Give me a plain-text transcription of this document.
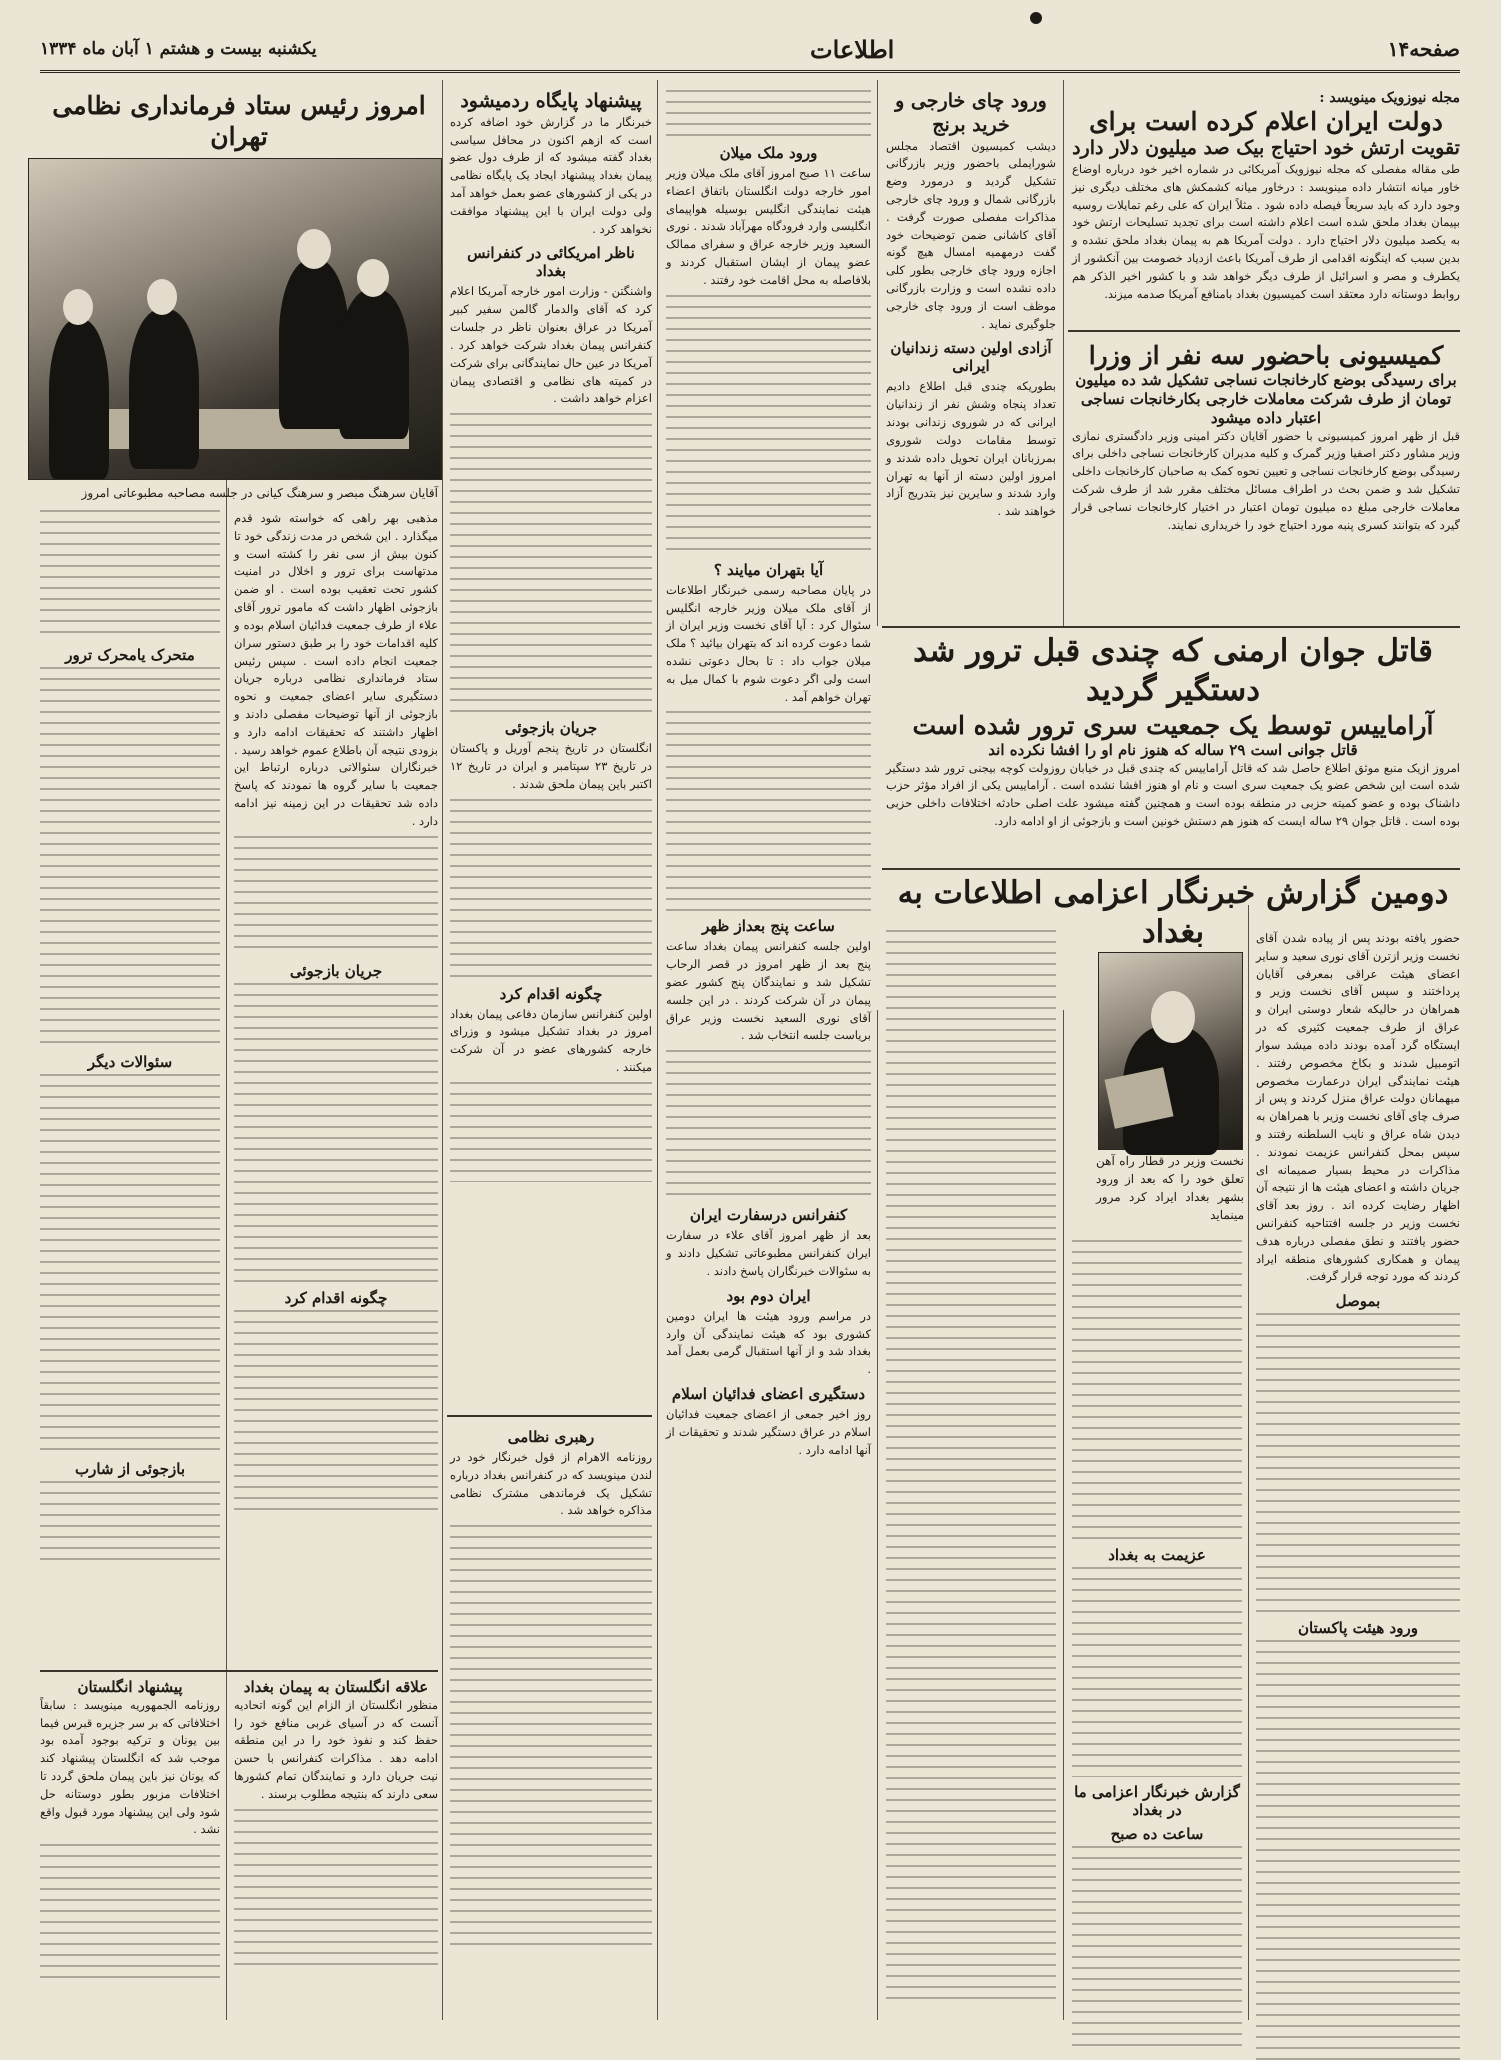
صفحه۱۴
اطلاعات
یکشنبه بیست و هشتم ۱ آبان ماه ۱۳۳۴
مجله نیوزویک مینویسد :
دولت ایران اعلام کرده است برای
تقویت ارتش خود احتیاج بیک صد میلیون دلار دارد

طی مقاله مفصلی که مجله نیوزویک آمریکائی در شماره اخیر خود درباره اوضاع خاور میانه انتشار داده مینویسد : درخاور میانه کشمکش های مختلف دیگری نیز وجود دارد که باید سریعاً فیصله داده شود . مثلاً ایران که علی رغم تمایلات روسیه بپیمان بغداد ملحق شده است اعلام داشته است برای تجدید تسلیحات ارتش خود به یکصد میلیون دلار احتیاج دارد . دولت آمریکا هم به پیمان بغداد ملحق نشده و بدین سبب که اینگونه اقدامی از طرف آمریکا باعث ازدیاد خصومت بین آنکشور از یکطرف و مصر و اسرائیل از طرف دیگر خواهد شد و با کشور اخیر الذکر هم روابط دوستانه دارد معتقد است کمیسیون بغداد بامنافع آمریکا صدمه میزند.

کمیسیونی باحضور سه نفر از وزرا
برای رسیدگی بوضع کارخانجات نساجی تشکیل شد ده میلیون تومان از طرف شرکت معاملات خارجی بکارخانجات نساجی اعتبار داده میشود

قبل از ظهر امروز کمیسیونی با حضور آقایان دکتر امینی وزیر دادگستری نمازی وزیر مشاور دکتر اصفیا وزیر گمرک و کلیه مدیران کارخانجات نساجی داخلی برای رسیدگی بوضع کارخانجات نساجی و تعیین نحوه کمک به صاحبان کارخانجات داخلی تشکیل شد و ضمن بحث در اطراف مسائل مختلف مقرر شد از طرف شرکت معاملات خارجی مبلغ ده میلیون تومان اعتبار در اختیار کارخانجات نساجی قرار گیرد که بتوانند کسری پنبه مورد احتیاج خود را خریداری نمایند.

ورود چای خارجی و خرید برنج

دیشب کمیسیون اقتصاد مجلس شورایملی باحضور وزیر بازرگانی تشکیل گردید و درمورد وضع بازرگانی شمال و ورود چای خارجی مذاکرات مفصلی صورت گرفت . آقای کاشانی ضمن توضیحات خود گفت درمهمیه امسال هیچ گونه اجازه ورود چای خارجی بطور کلی داده نشده است و وزارت بازرگانی موظف است از ورود چای خارجی جلوگیری نماید .

آزادی اولین دسته زندانیان ایرانی

بطوریکه چندی قبل اطلاع دادیم تعداد پنجاه وشش نفر از زندانیان ایرانی که در شوروی زندانی بودند توسط مقامات دولت شوروی بمرزبانان ایران تحویل داده شدند و امروز اولین دسته از آنها به تهران وارد شدند و سایرین نیز بتدریج آزاد خواهند شد .

قاتل جوان ارمنی که چندی قبل ترور شد دستگیر گردید
آراماییس توسط یک جمعیت سری ترور شده است
قاتل جوانی است ۲۹ ساله که هنوز نام او را افشا نکرده اند

امروز ازیک منبع موثق اطلاع حاصل شد که قاتل آراماییس که چندی قبل در خیابان روزولت کوچه بیجنی ترور شد دستگیر شده است این شخص عضو یک جمعیت سری است و نام او هنوز افشا نشده است . آراماییس یکی از افراد مؤثر حزب داشناک بوده و عضو کمیته حزبی در منطقه بوده است و همچنین گفته میشود علت اصلی حادثه اختلافات داخلی حزبی بوده است . قاتل جوان ۲۹ ساله ایست که هنوز هم دستش خونین است و بازجوئی از او ادامه دارد.

دومین گزارش خبرنگار اعزامی اطلاعات به بغداد
نخست وزیر در قطار راه آهن تعلق خود را که بعد از ورود بشهر بغداد ایراد کرد مرور مینماید

حضور یافته بودند پس از پیاده شدن آقای نخست وزیر ازترن آقای نوری سعید و سایر اعضای هیئت عراقی بمعرفی آقایان پرداختند و سپس آقای نخست وزیر و همراهان در حالیکه شعار دوستی ایران و عراق از طرف جمعیت کثیری که در ایستگاه گرد آمده بودند داده میشد سوار اتومبیل شدند و بکاخ مخصوص رفتند . هیئت نمایندگی ایران درعمارت مخصوص میهمانان دولت عراق منزل کردند و پس از صرف چای آقای نخست وزیر با همراهان به دیدن شاه عراق و نایب السلطنه رفتند و سپس بمحل کنفرانس عزیمت نمودند . مذاکرات در محیط بسیار صمیمانه ای جریان داشته و اعضای هیئت ها از نتیجه آن اظهار رضایت کرده اند . روز بعد آقای نخست وزیر در جلسه افتتاحیه کنفرانس حضور یافتند و نطق مفصلی درباره هدف پیمان و همکاری کشورهای منطقه ایراد کردند که مورد توجه قرار گرفت.

بموصل
ورود هیئت پاکستان
عزیمت به بغداد
گزارش خبرنگار اعزامی ما در بغداد
ساعت ده صبح
ورود ملک میلان

ساعت ۱۱ صبح امروز آقای ملک میلان وزیر امور خارجه دولت انگلستان باتفاق اعضاء هیئت نمایندگی انگلیس بوسیله هواپیمای انگلیسی وارد فرودگاه مهرآباد شدند . نوری السعید وزیر خارجه عراق و سفرای ممالک عضو پیمان از ایشان استقبال کردند و بلافاصله به محل اقامت خود رفتند .

آیا بتهران میایند ؟

در پایان مصاحبه رسمی خبرنگار اطلاعات از آقای ملک میلان وزیر خارجه انگلیس سئوال کرد : آیا آقای نخست وزیر ایران از شما دعوت کرده اند که بتهران بیائید ؟ ملک میلان جواب داد : تا بحال دعوتی نشده است ولی اگر دعوت شوم با کمال میل به تهران خواهم آمد .

ساعت پنج بعداز ظهر

اولین جلسه کنفرانس پیمان بغداد ساعت پنج بعد از ظهر امروز در قصر الرحاب تشکیل شد و نمایندگان پنج کشور عضو پیمان در آن شرکت کردند . در این جلسه آقای نوری السعید نخست وزیر عراق بریاست جلسه انتخاب شد .

کنفرانس درسفارت ایران

بعد از ظهر امروز آقای علاء در سفارت ایران کنفرانس مطبوعاتی تشکیل دادند و به سئوالات خبرنگاران پاسخ دادند .

ایران دوم بود

در مراسم ورود هیئت ها ایران دومین کشوری بود که هیئت نمایندگی آن وارد بغداد شد و از آنها استقبال گرمی بعمل آمد .

دستگیری اعضای فدائیان اسلام

روز اخیر جمعی از اعضای جمعیت فدائیان اسلام در عراق دستگیر شدند و تحقیقات از آنها ادامه دارد .

پیشنهاد پایگاه ردمیشود

خبرنگار ما در گزارش خود اضافه کرده است که ازهم اکنون در محافل سیاسی بغداد گفته میشود که از طرف دول عضو پیمان بغداد پیشنهاد ایجاد یک پایگاه نظامی در یکی از کشورهای عضو بعمل خواهد آمد ولی دولت ایران با این پیشنهاد موافقت نخواهد کرد .

ناظر امریکائی در کنفرانس بغداد

واشنگتن - وزارت امور خارجه آمریکا اعلام کرد که آقای والدمار گالمن سفیر کبیر آمریکا در عراق بعنوان ناظر در جلسات کنفرانس پیمان بغداد شرکت خواهد کرد . آمریکا در عین حال نمایندگانی برای شرکت در کمیته های نظامی و اقتصادی پیمان اعزام خواهد داشت .

جریان بازجوئی

انگلستان در تاریخ پنجم آوریل و پاکستان در تاریخ ۲۳ سپتامبر و ایران در تاریخ ۱۲ اکتبر باین پیمان ملحق شدند .

چگونه اقدام کرد

اولین کنفرانس سازمان دفاعی پیمان بغداد امروز در بغداد تشکیل میشود و وزرای خارجه کشورهای عضو در آن شرکت میکنند .

رهبری نظامی

روزنامه الاهرام از قول خبرنگار خود در لندن مینویسد که در کنفرانس بغداد درباره تشکیل یک فرماندهی مشترک نظامی مذاکره خواهد شد .

امروز رئیس ستاد فرمانداری نظامی تهران
آقایان سرهنگ مبصر و سرهنگ کیانی در جلسه مصاحبه مطبوعاتی امروز

مذهبی بهر راهی که خواسته شود قدم میگذارد . این شخص در مدت زندگی خود تا کنون بیش از سی نفر را کشته است و مدتهاست برای ترور و اخلال در امنیت کشور تحت تعقیب بوده است . او ضمن بازجوئی اظهار داشت که مامور ترور آقای علاء از طرف جمعیت فدائیان اسلام بوده و کلیه اقدامات خود را بر طبق دستور سران جمعیت انجام داده است . سپس رئیس ستاد فرمانداری نظامی درباره جریان دستگیری سایر اعضای جمعیت و نحوه بازجوئی از آنها توضیحات مفصلی دادند و اظهار داشتند که تحقیقات ادامه دارد و بزودی نتیجه آن باطلاع عموم خواهد رسید . خبرنگاران سئوالاتی درباره ارتباط این جمعیت با سایر گروه ها نمودند که پاسخ داده شد تحقیقات در این زمینه نیز ادامه دارد .

جریان بازجوئی
چگونه اقدام کرد
متحرک یامحرک ترور
سئوالات دیگر
بازجوئی از شارب
علاقه انگلستان به پیمان بغداد

منظور انگلستان از الزام این گونه اتحادیه آنست که در آسیای غربی منافع خود را حفظ کند و نفوذ خود را در این منطقه ادامه دهد . مذاکرات کنفرانس با حسن نیت جریان دارد و نمایندگان تمام کشورها سعی دارند که بنتیجه مطلوب برسند .

پیشنهاد انگلستان

روزنامه الجمهوریه مینویسد : سابقاً اختلافاتی که بر سر جزیره قبرس فیما بین یونان و ترکیه بوجود آمده بود موجب شد که انگلستان پیشنهاد کند که یونان نیز باین پیمان ملحق گردد تا اختلافات مزبور بطور دوستانه حل شود ولی این پیشنهاد مورد قبول واقع نشد .
